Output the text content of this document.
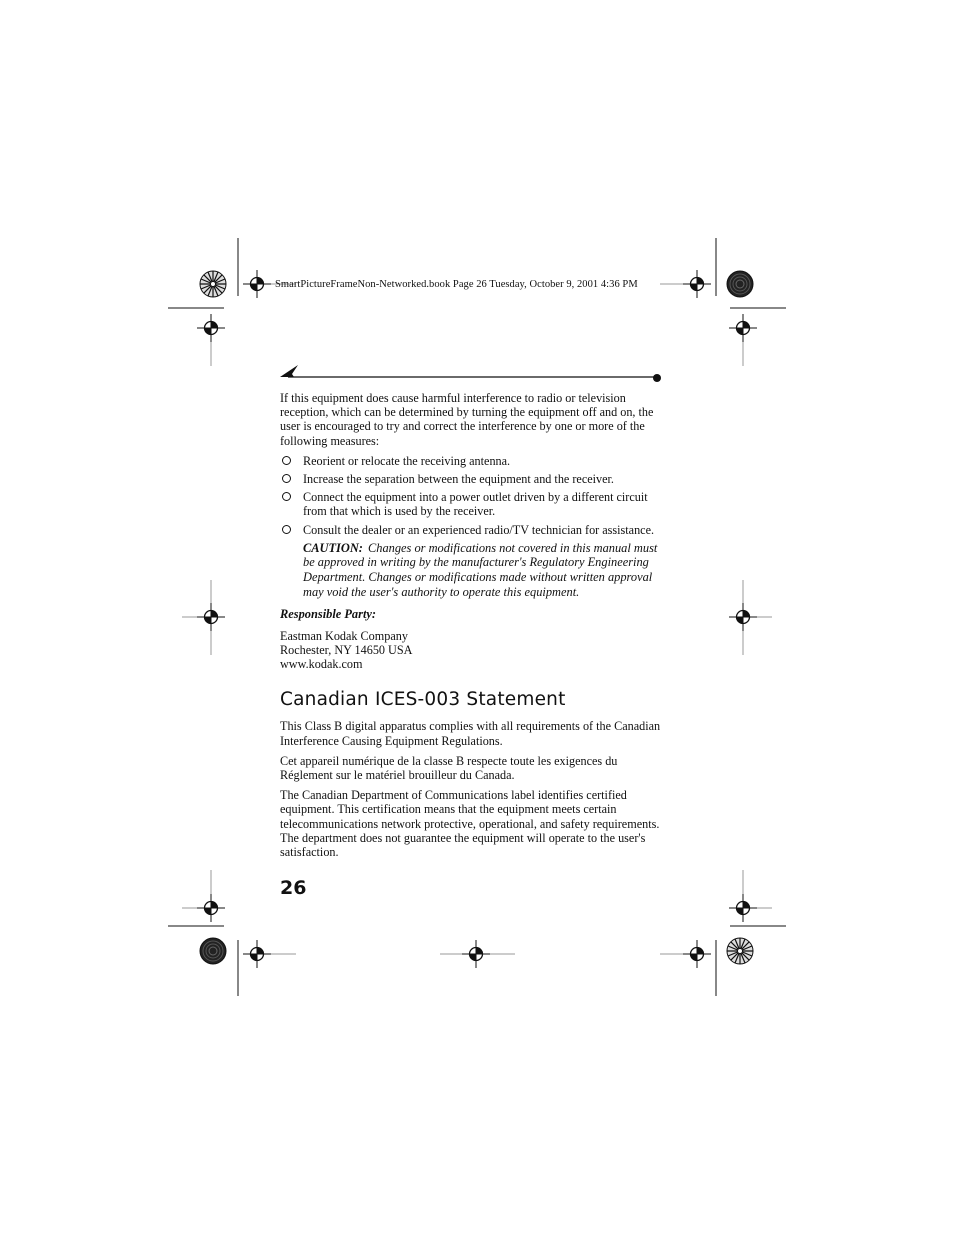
SmartPictureFrameNon-Networked.book Page 26 Tuesday, October 9, 2001 4:36 PM

If this equipment does cause harmful interference to radio or television reception, which can be determined by turning the equipment off and on, the user is encouraged to try and correct the interference by one or more of the following measures:

Reorient or relocate the receiving antenna.
Increase the separation between the equipment and the receiver.
Connect the equipment into a power outlet driven by a different circuit from that which is used by the receiver.
Consult the dealer or an experienced radio/TV technician for assistance.
CAUTION: Changes or modifications not covered in this manual must be approved in writing by the manufacturer's Regulatory Engineering Department. Changes or modifications made without written approval may void the user's authority to operate this equipment.
Responsible Party:
Eastman Kodak Company
Rochester, NY 14650 USA
www.kodak.com
Canadian ICES-003 Statement

This Class B digital apparatus complies with all requirements of the Canadian Interference Causing Equipment Regulations.

Cet appareil numérique de la classe B respecte toute les exigences du Réglement sur le matériel brouilleur du Canada.

The Canadian Department of Communications label identifies certified equipment. This certification means that the equipment meets certain telecommunications network protective, operational, and safety requirements. The department does not guarantee the equipment will operate to the user's satisfaction.

26
